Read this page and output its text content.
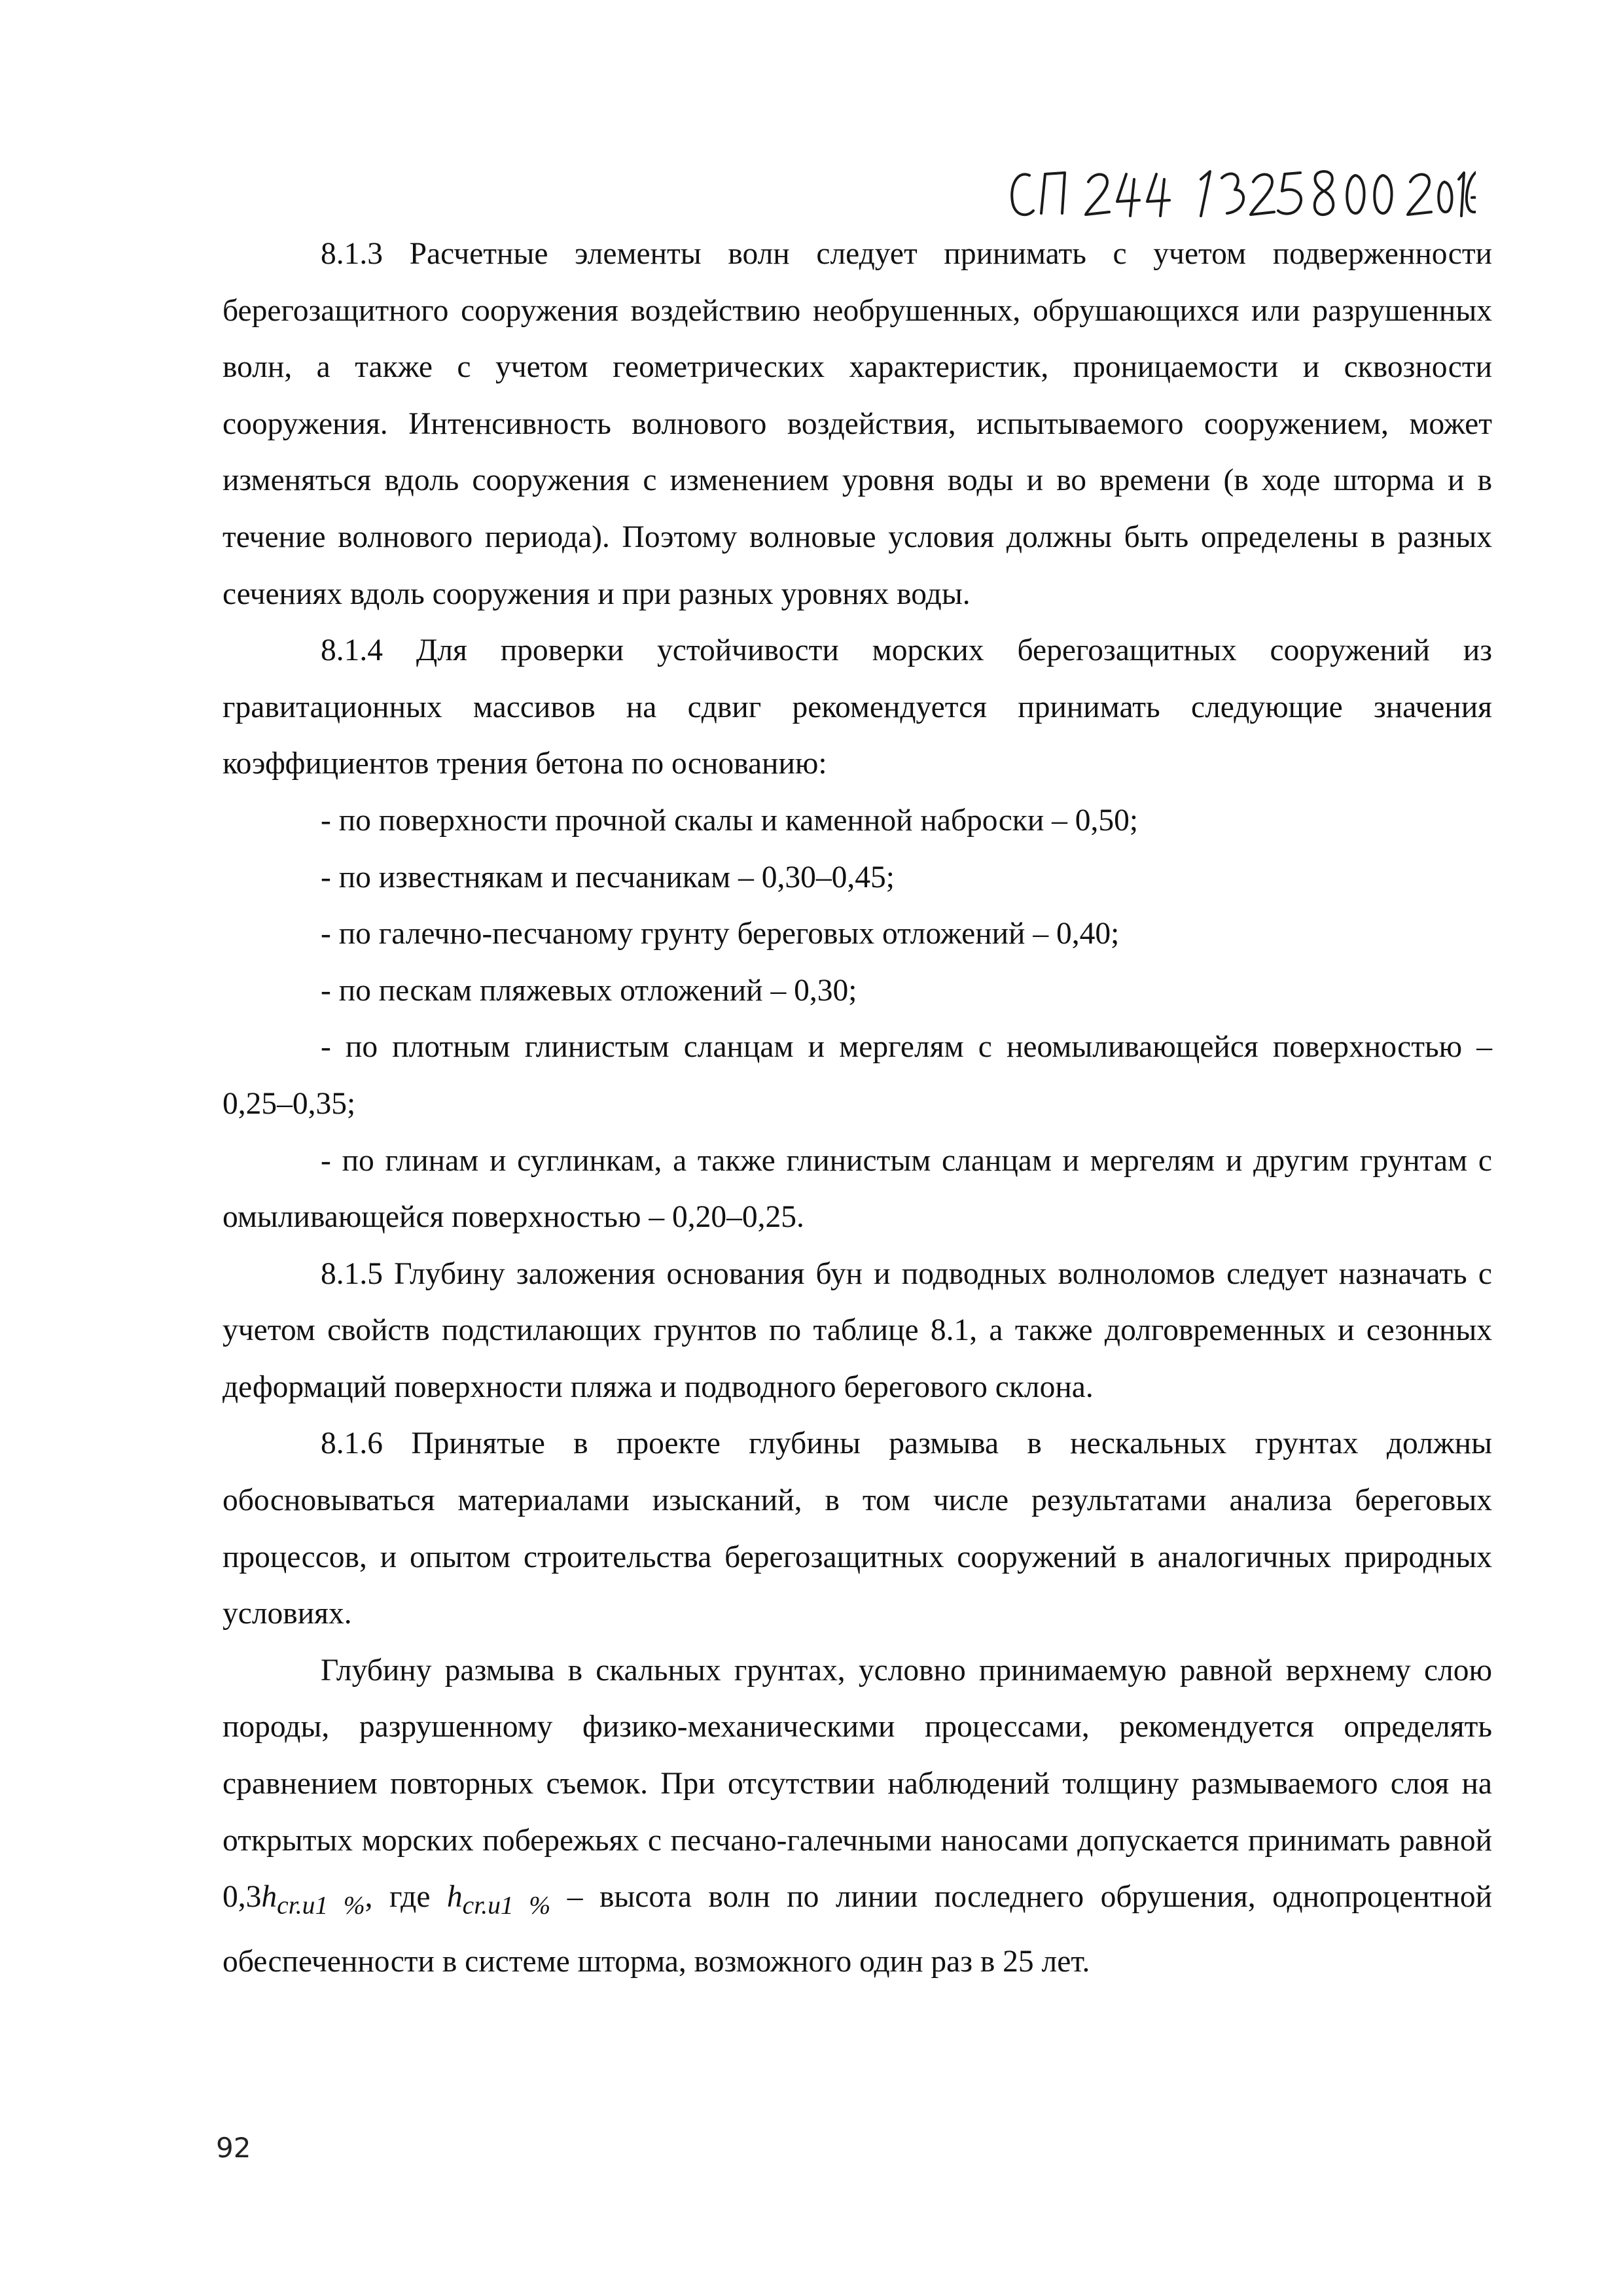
8.1.3 Расчетные элементы волн следует принимать с учетом подверженности берегозащитного сооружения воздействию необрушенных, обрушающихся или разрушенных волн, а также с учетом геометрических характеристик, проницаемости и сквозности сооружения. Интенсивность волнового воздействия, испытываемого сооружением, может изменяться вдоль сооружения с изменением уровня воды и во времени (в ходе шторма и в течение волнового периода). Поэтому волновые условия должны быть определены в разных сечениях вдоль сооружения и при разных уровнях воды.

8.1.4 Для проверки устойчивости морских берегозащитных сооружений из гравитационных массивов на сдвиг рекомендуется принимать следующие значения коэффициентов трения бетона по основанию:

- по поверхности прочной скалы и каменной наброски – 0,50;

- по известнякам и песчаникам – 0,30–0,45;

- по галечно-песчаному грунту береговых отложений – 0,40;

- по пескам пляжевых отложений – 0,30;

- по плотным глинистым сланцам и мергелям с неомыливающейся поверхностью – 0,25–0,35;

- по глинам и суглинкам, а также глинистым сланцам и мергелям и другим грунтам с омыливающейся поверхностью – 0,20–0,25.

8.1.5 Глубину заложения основания бун и подводных волноломов следует назначать с учетом свойств подстилающих грунтов по таблице 8.1, а также долговременных и сезонных деформаций поверхности пляжа и подводного берегового склона.

8.1.6 Принятые в проекте глубины размыва в нескальных грунтах должны обосновываться материалами изысканий, в том числе результатами анализа береговых процессов, и опытом строительства берегозащитных сооружений в аналогичных природных условиях.

Глубину размыва в скальных грунтах, условно принимаемую равной верхнему слою породы, разрушенному физико-механическими процессами, рекомендуется определять сравнением повторных съемок. При отсутствии наблюдений толщину размываемого слоя на открытых морских побережьях с песчано-галечными наносами допускается принимать равной $0,3h_{cr.u1 \%}$, где $h_{cr.u1 \%}$ – высота волн по линии последнего обрушения, однопроцентной обеспеченности в системе шторма, возможного один раз в 25 лет.

92
